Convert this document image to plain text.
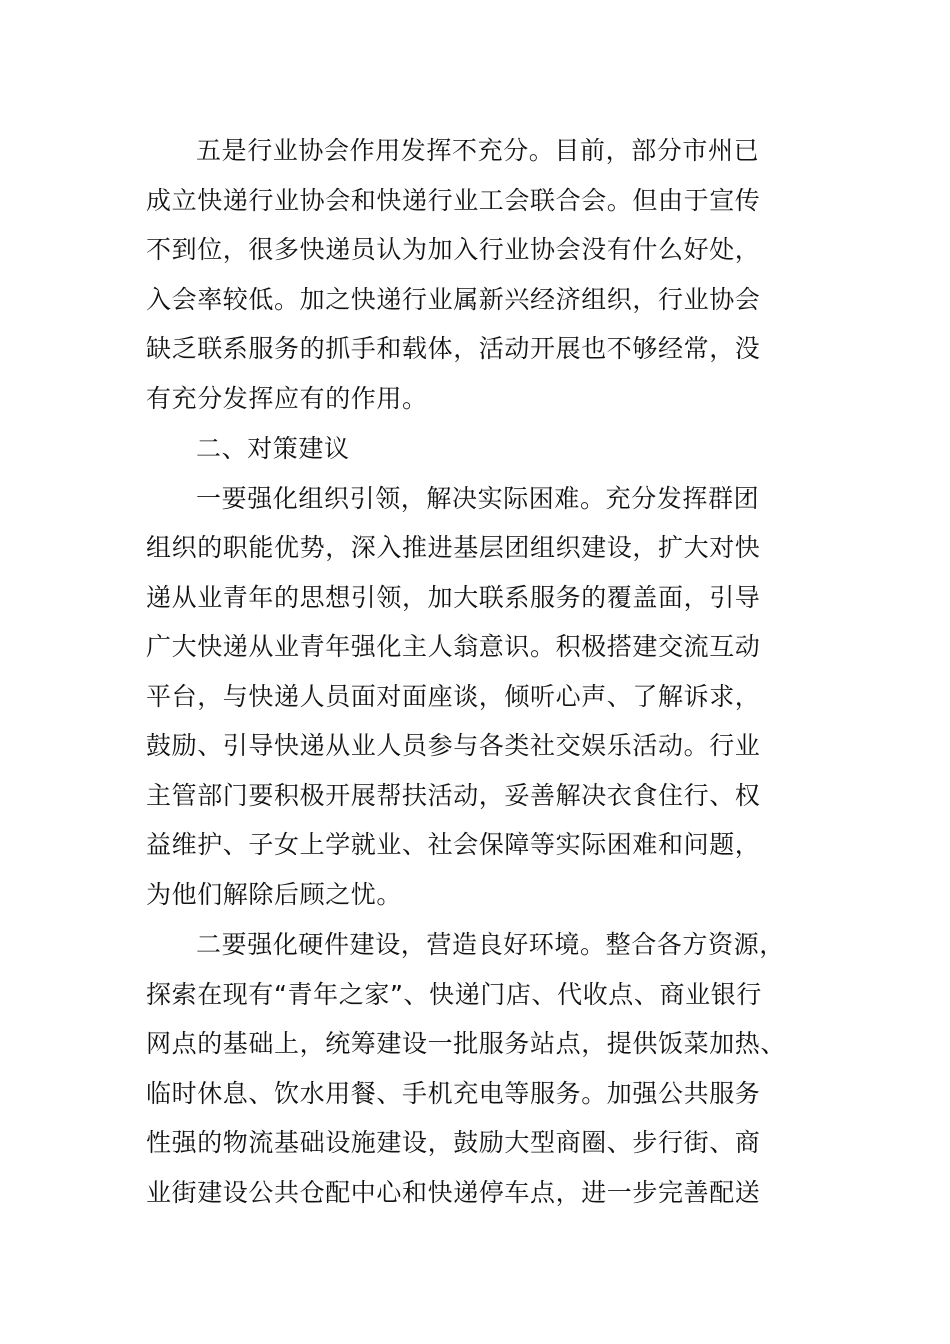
五是行业协会作用发挥不充分。目前，部分市州已
成立快递行业协会和快递行业工会联合会。但由于宣传
不到位，很多快递员认为加入行业协会没有什么好处，
入会率较低。加之快递行业属新兴经济组织，行业协会
缺乏联系服务的抓手和载体，活动开展也不够经常，没
有充分发挥应有的作用。
二、对策建议
一要强化组织引领，解决实际困难。充分发挥群团
组织的职能优势，深入推进基层团组织建设，扩大对快
递从业青年的思想引领，加大联系服务的覆盖面，引导
广大快递从业青年强化主人翁意识。积极搭建交流互动
平台，与快递人员面对面座谈，倾听心声、了解诉求，
鼓励、引导快递从业人员参与各类社交娱乐活动。行业
主管部门要积极开展帮扶活动，妥善解决衣食住行、权
益维护、子女上学就业、社会保障等实际困难和问题，
为他们解除后顾之忧。
二要强化硬件建设，营造良好环境。整合各方资源，
探索在现有“青年之家”、快递门店、代收点、商业银行
网点的基础上，统筹建设一批服务站点，提供饭菜加热、
临时休息、饮水用餐、手机充电等服务。加强公共服务
性强的物流基础设施建设，鼓励大型商圈、步行街、商
业街建设公共仓配中心和快递停车点，进一步完善配送
